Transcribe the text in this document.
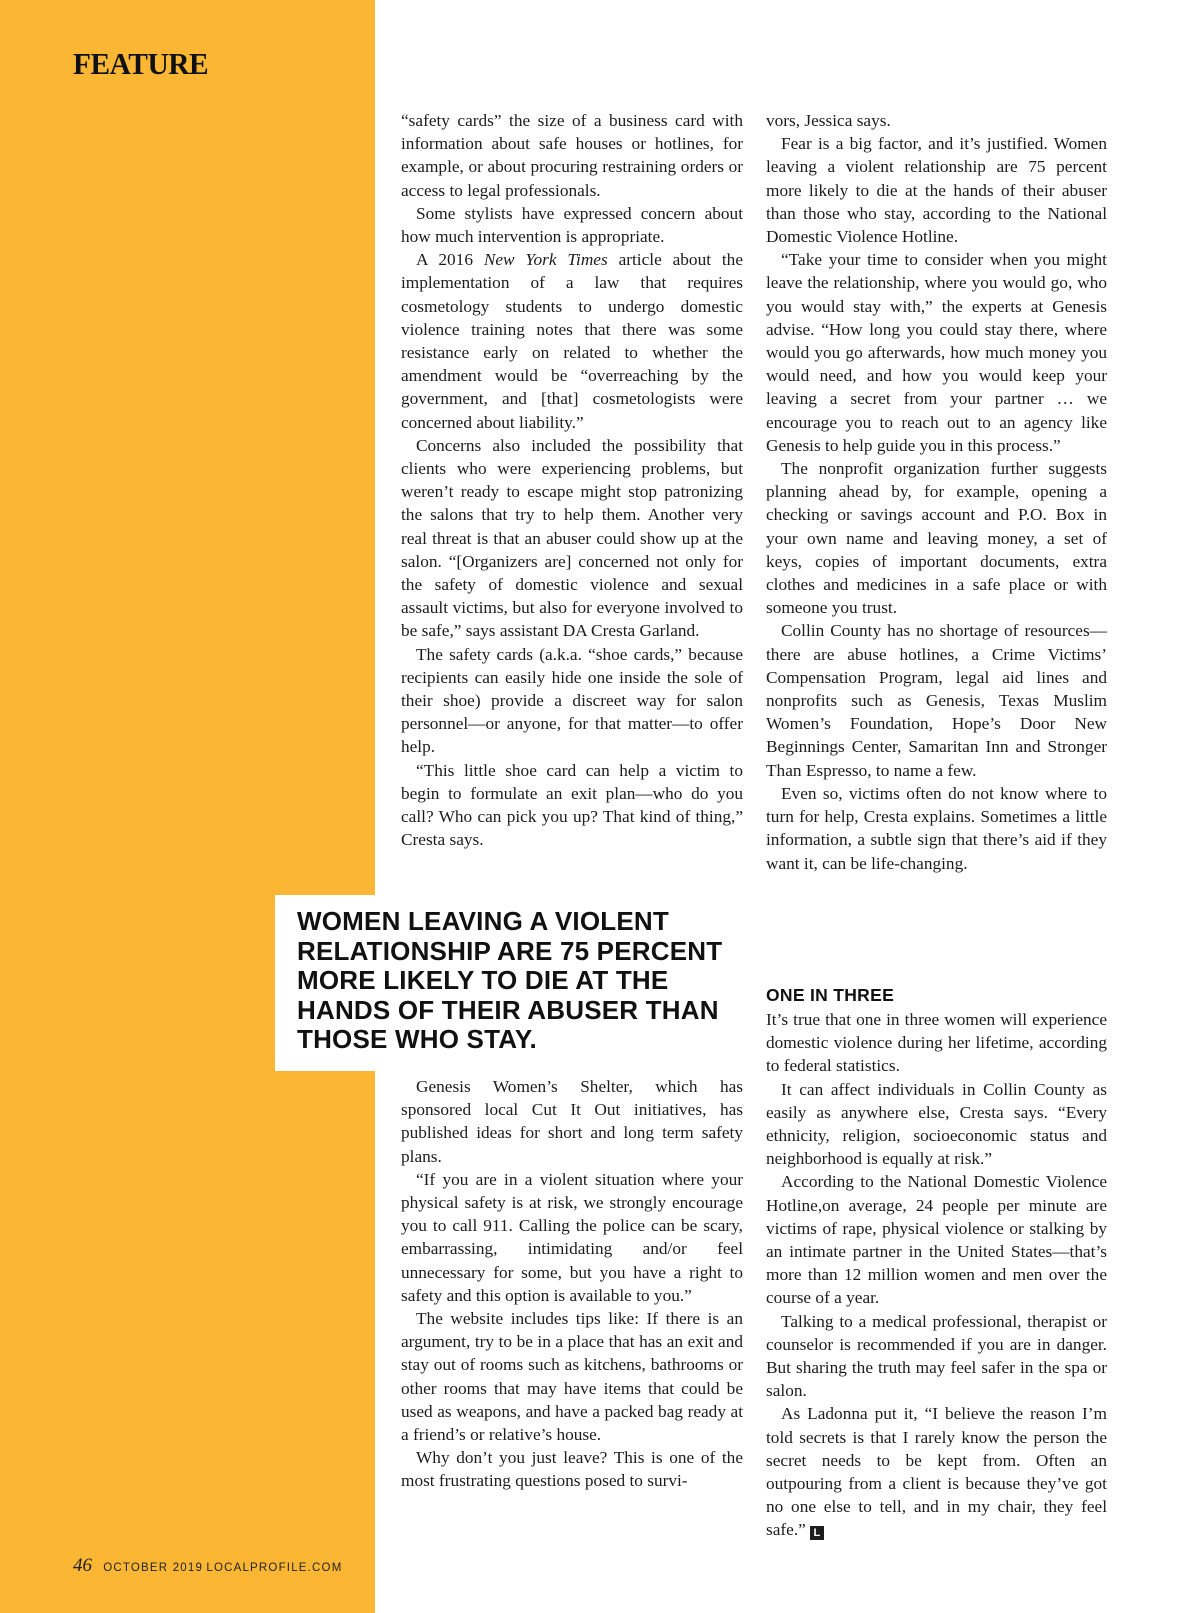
FEATURE

“safety cards” the size of a business card with information about safe houses or hotlines, for example, or about procuring restraining orders or access to legal professionals.

Some stylists have expressed concern about how much intervention is appropriate.

A 2016 New York Times article about the implementation of a law that requires cosmetology students to undergo domestic violence training notes that there was some resistance early on related to whether the amendment would be “overreaching by the government, and [that] cosmetologists were concerned about liability.”

Concerns also included the possibility that clients who were experiencing problems, but weren’t ready to escape might stop patronizing the salons that try to help them. Another very real threat is that an abuser could show up at the salon. “[Organizers are] concerned not only for the safety of domestic violence and sexual assault victims, but also for everyone involved to be safe,” says assistant DA Cresta Garland.

The safety cards (a.k.a. “shoe cards,” because recipients can easily hide one inside the sole of their shoe) provide a discreet way for salon personnel—or anyone, for that matter—to offer help.

“This little shoe card can help a victim to begin to formulate an exit plan—who do you call? Who can pick you up? That kind of thing,” Cresta says.

WOMEN LEAVING A VIOLENT RELATIONSHIP ARE 75 PERCENT MORE LIKELY TO DIE AT THE HANDS OF THEIR ABUSER THAN THOSE WHO STAY.

Genesis Women’s Shelter, which has sponsored local Cut It Out initiatives, has published ideas for short and long term safety plans.

“If you are in a violent situation where your physical safety is at risk, we strongly encourage you to call 911. Calling the police can be scary, embarrassing, intimidating and/or feel unnecessary for some, but you have a right to safety and this option is available to you.”

The website includes tips like: If there is an argument, try to be in a place that has an exit and stay out of rooms such as kitchens, bathrooms or other rooms that may have items that could be used as weapons, and have a packed bag ready at a friend’s or relative’s house.

Why don’t you just leave? This is one of the most frustrating questions posed to survi-

vors, Jessica says.

Fear is a big factor, and it’s justified. Women leaving a violent relationship are 75 percent more likely to die at the hands of their abuser than those who stay, according to the National Domestic Violence Hotline.

“Take your time to consider when you might leave the relationship, where you would go, who you would stay with,” the experts at Genesis advise. “How long you could stay there, where would you go afterwards, how much money you would need, and how you would keep your leaving a secret from your partner … we encourage you to reach out to an agency like Genesis to help guide you in this process.”

The nonprofit organization further suggests planning ahead by, for example, opening a checking or savings account and P.O. Box in your own name and leaving money, a set of keys, copies of important documents, extra clothes and medicines in a safe place or with someone you trust.

Collin County has no shortage of resources—there are abuse hotlines, a Crime Victims’ Compensation Program, legal aid lines and nonprofits such as Genesis, Texas Muslim Women’s Foundation, Hope’s Door New Beginnings Center, Samaritan Inn and Stronger Than Espresso, to name a few.

Even so, victims often do not know where to turn for help, Cresta explains. Sometimes a little information, a subtle sign that there’s aid if they want it, can be life-changing.

ONE IN THREE

It’s true that one in three women will experience domestic violence during her lifetime, according to federal statistics.

It can affect individuals in Collin County as easily as anywhere else, Cresta says. “Every ethnicity, religion, socioeconomic status and neighborhood is equally at risk.”

According to the National Domestic Violence Hotline,on average, 24 people per minute are victims of rape, physical violence or stalking by an intimate partner in the United States—that’s more than 12 million women and men over the course of a year.

Talking to a medical professional, therapist or counselor is recommended if you are in danger. But sharing the truth may feel safer in the spa or salon.

As Ladonna put it, “I believe the reason I’m told secrets is that I rarely know the person the secret needs to be kept from. Often an outpouring from a client is because they’ve got no one else to tell, and in my chair, they feel safe.” L

46 OCTOBER 2019 LOCALPROFILE.COM
